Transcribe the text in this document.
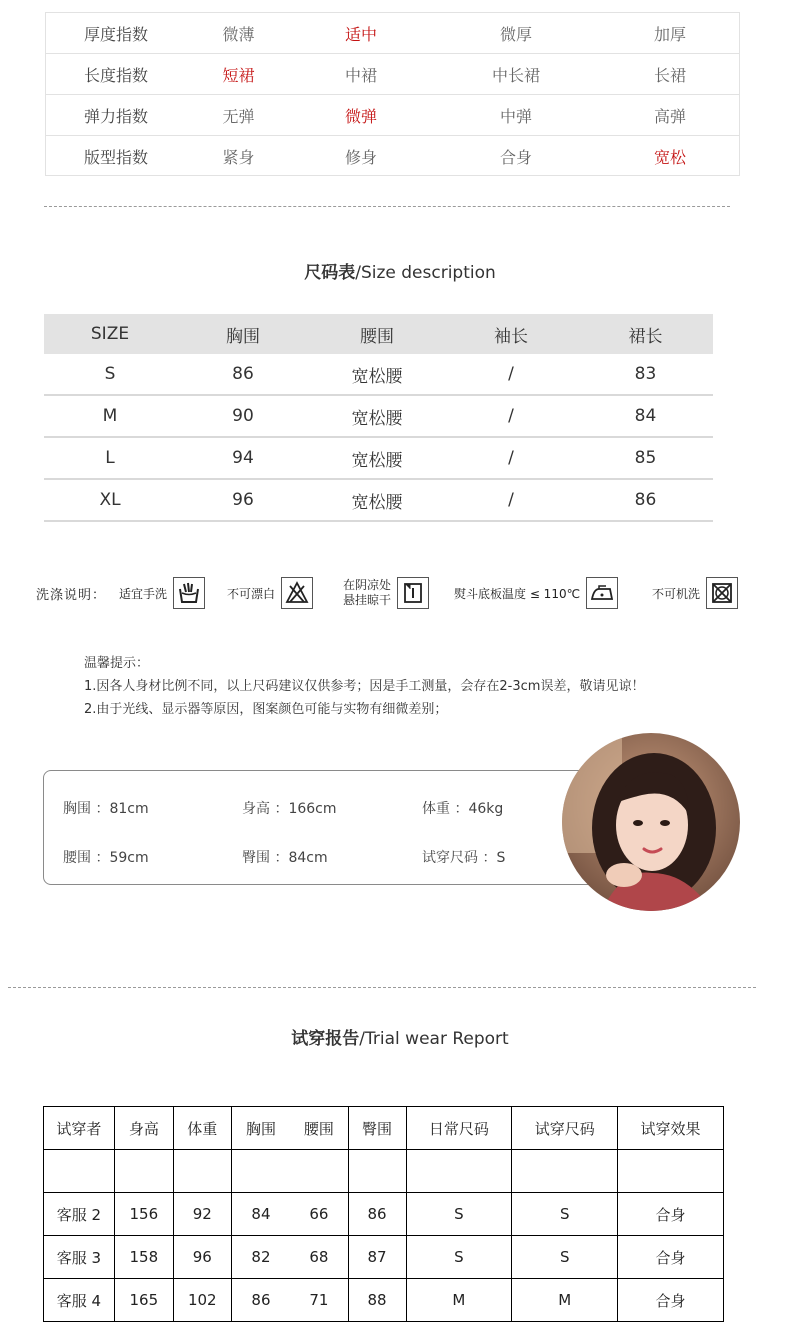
厚度指数	微薄	适中	微厚	加厚
长度指数	短裙	中裙	中长裙	长裙
弹力指数	无弹	微弹	中弹	高弹
版型指数	紧身	修身	合身	宽松
尺码表/Size description
SIZE	胸围	腰围	袖长	裙长
S	86	宽松腰	/	83
M	90	宽松腰	/	84
L	94	宽松腰	/	85
XL	96	宽松腰	/	86
洗涤说明： 适宜手洗	不可漂白
在阴凉处
悬挂晾干	熨斗底板温度 ≤ 110℃	不可机洗
温馨提示：
1.因各人身材比例不同，以上尺码建议仅供参考；因是手工测量，会存在2-3cm误差，敬请见谅！
2.由于光线、显示器等原因，图案颜色可能与实物有细微差别；
胸围 ：81cm	身高 ：166cm	体重 ：46kg
腰围 ：59cm	臀围 ：84cm	试穿尺码 ：S
试穿报告/Trial wear Report
试穿者	身高	体重	胸围	腰围	臀围	日常尺码	试穿尺码	试穿效果

客服 2	156	92	84	66	86	S	S	合身
客服 3	158	96	82	68	87	S	S	合身
客服 4	165	102	86	71	88	M	M	合身
